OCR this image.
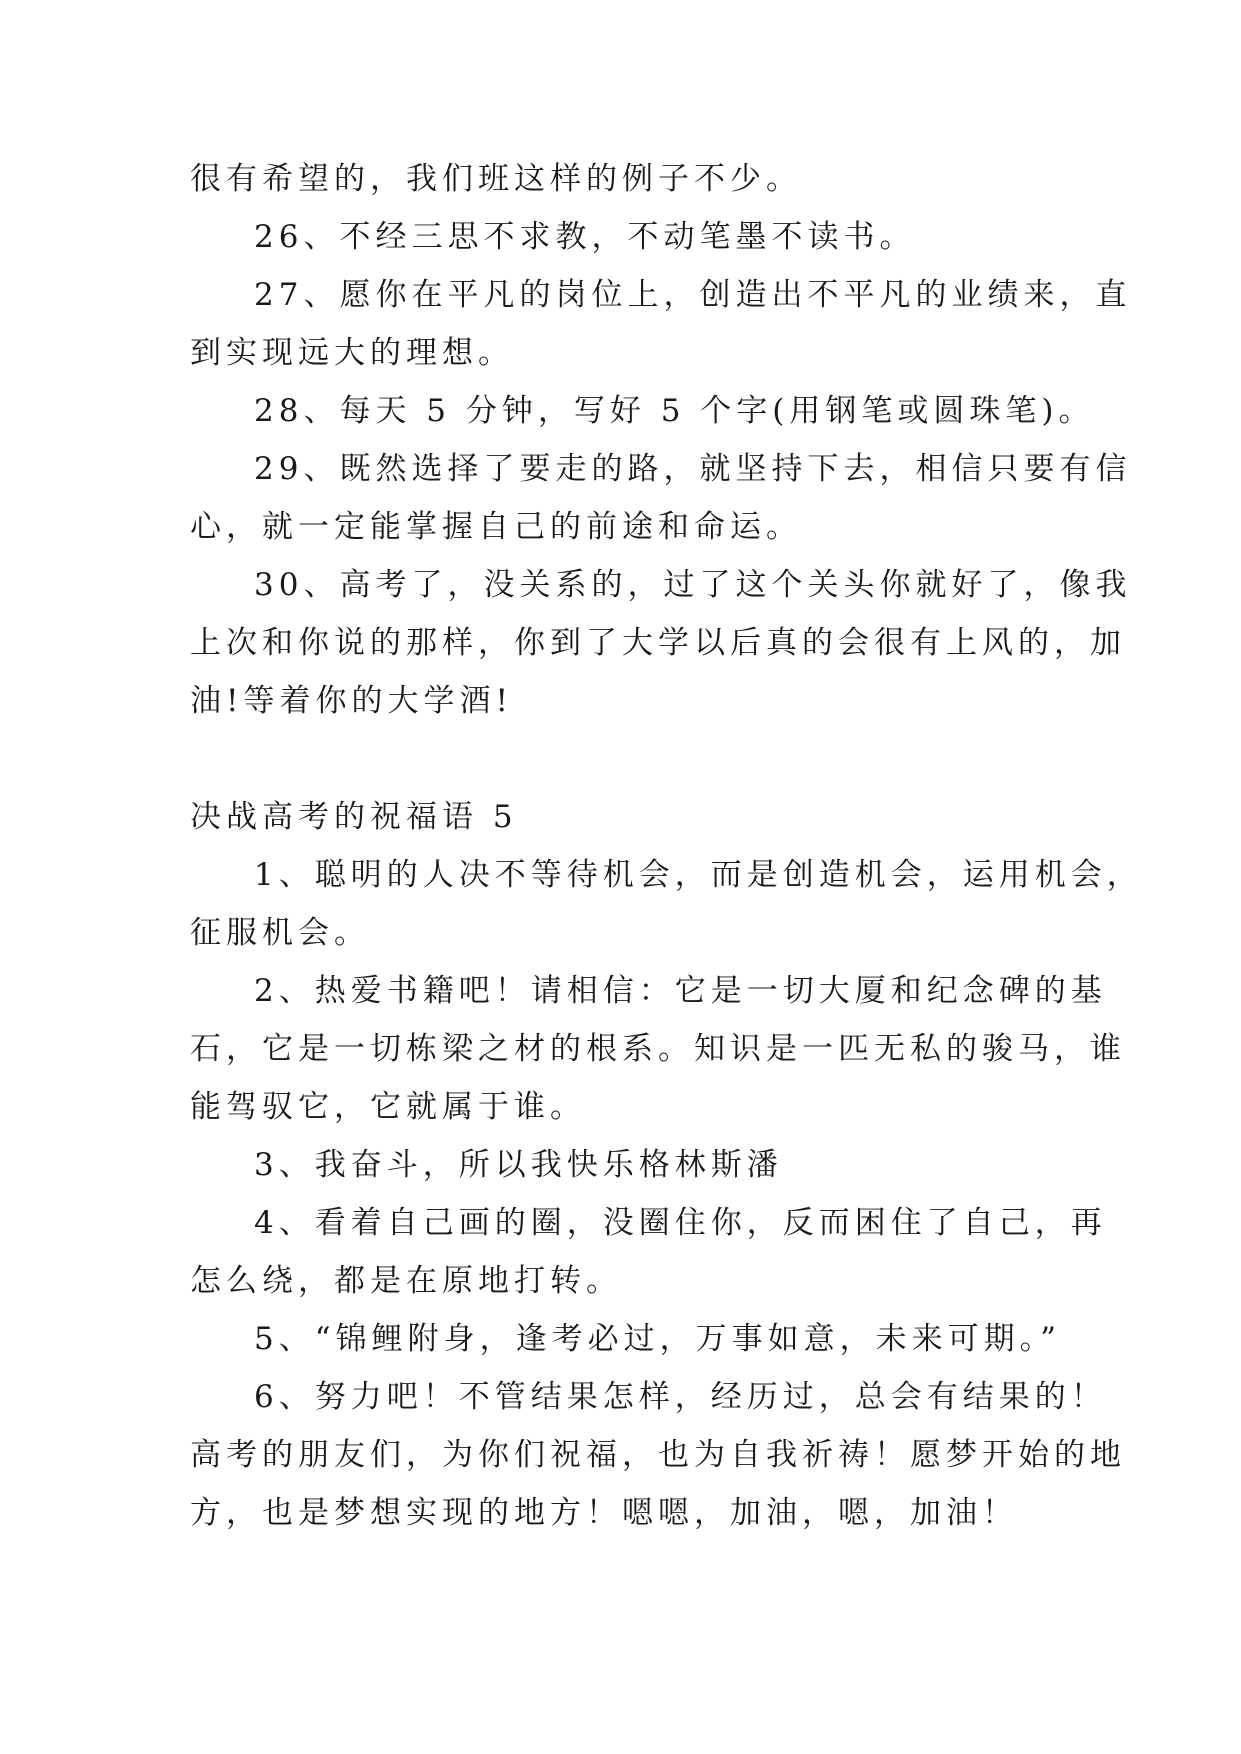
很有希望的，我们班这样的例子不少。

26、不经三思不求教，不动笔墨不读书。

27、愿你在平凡的岗位上，创造出不平凡的业绩来，直

到实现远大的理想。

28、每天 5 分钟，写好 5 个字(用钢笔或圆珠笔)。

29、既然选择了要走的路，就坚持下去，相信只要有信

心，就一定能掌握自己的前途和命运。

30、高考了，没关系的，过了这个关头你就好了，像我

上次和你说的那样，你到了大学以后真的会很有上风的，加

油!等着你的大学酒!

决战高考的祝福语 5

1、聪明的人决不等待机会，而是创造机会，运用机会，

征服机会。

2、热爱书籍吧！请相信：它是一切大厦和纪念碑的基

石，它是一切栋梁之材的根系。知识是一匹无私的骏马，谁

能驾驭它，它就属于谁。

3、我奋斗，所以我快乐格林斯潘

4、看着自己画的圈，没圈住你，反而困住了自己，再

怎么绕，都是在原地打转。

5、“锦鲤附身，逢考必过，万事如意，未来可期。”

6、努力吧！不管结果怎样，经历过，总会有结果的！

高考的朋友们，为你们祝福，也为自我祈祷！愿梦开始的地

方，也是梦想实现的地方！嗯嗯，加油，嗯，加油！
